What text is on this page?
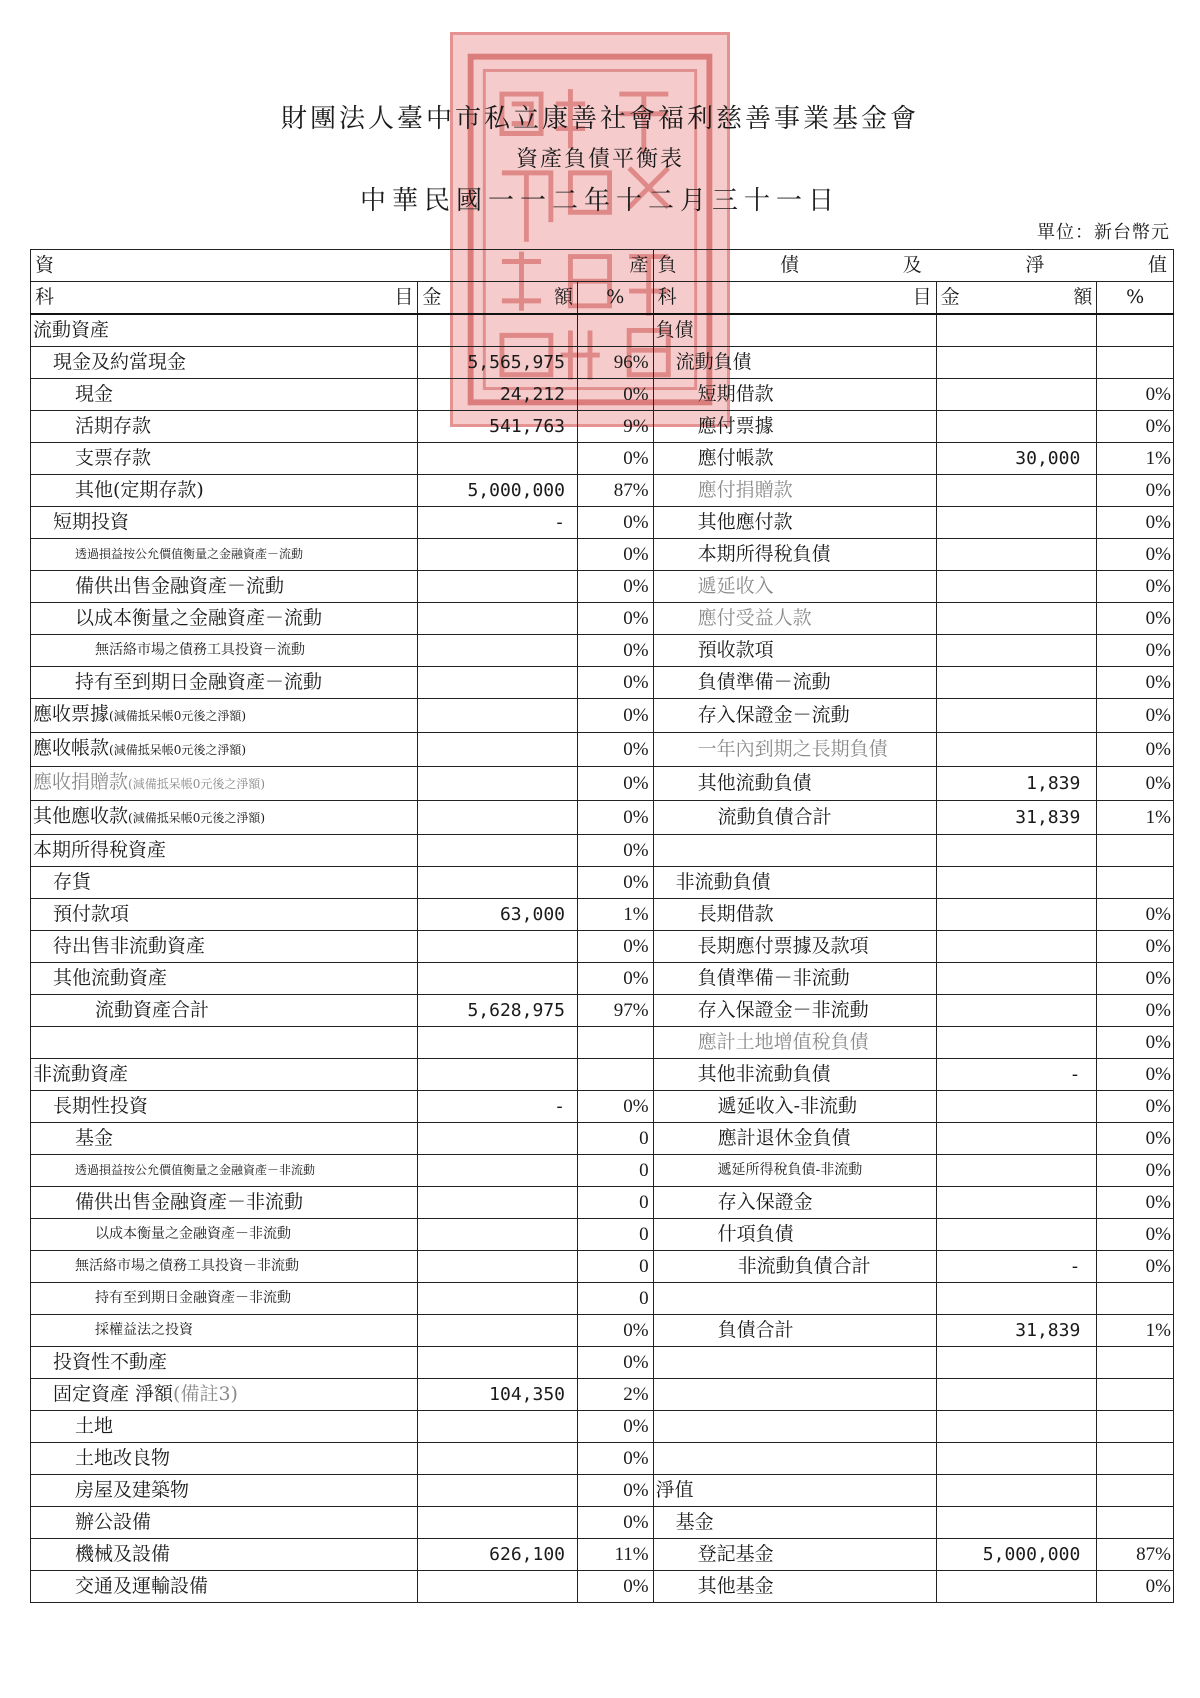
財團法人臺中市私立康善社會福利慈善事業基金會
資產負債平衡表
中華民國一一二年十二月三十一日
單位：新台幣元
資 產			負 債 及 淨 值		

科 目	金 額	%	科 目	金 額	%
流動資產			負債		
現金及約當現金	5,565,975	96%	流動負債		
現金	24,212	0%	短期借款		0%
活期存款	541,763	9%	應付票據		0%
支票存款		0%	應付帳款	30,000	1%
其他(定期存款)	5,000,000	87%	應付捐贈款		0%
短期投資	-	0%	其他應付款		0%
透過損益按公允價值衡量之金融資產－流動		0%	本期所得稅負債		0%
備供出售金融資產－流動		0%	遞延收入		0%
以成本衡量之金融資產－流動		0%	應付受益人款		0%
無活絡市場之債務工具投資－流動		0%	預收款項		0%
持有至到期日金融資產－流動		0%	負債準備－流動		0%
應收票據(減備抵呆帳0元後之淨額)		0%	存入保證金－流動		0%
應收帳款(減備抵呆帳0元後之淨額)		0%	一年內到期之長期負債		0%
應收捐贈款(減備抵呆帳0元後之淨額)		0%	其他流動負債	1,839	0%
其他應收款(減備抵呆帳0元後之淨額)		0%	流動負債合計	31,839	1%
本期所得稅資產		0%			
存貨		0%	非流動負債		
預付款項	63,000	1%	長期借款		0%
待出售非流動資產		0%	長期應付票據及款項		0%
其他流動資產		0%	負債準備－非流動		0%
流動資產合計	5,628,975	97%	存入保證金－非流動		0%
			應計土地增值稅負債		0%
非流動資產			其他非流動負債	-	0%
長期性投資	-	0%	遞延收入-非流動		0%
基金		0	應計退休金負債		0%
透過損益按公允價值衡量之金融資產－非流動		0	遞延所得稅負債-非流動		0%
備供出售金融資產－非流動		0	存入保證金		0%
以成本衡量之金融資產－非流動		0	什項負債		0%
無活絡市場之債務工具投資－非流動		0	非流動負債合計	-	0%
持有至到期日金融資產－非流動		0			
採權益法之投資		0%	負債合計	31,839	1%
投資性不動產		0%			
固定資產 淨額(備註3)	104,350	2%			
土地		0%			
土地改良物		0%			
房屋及建築物		0%	淨值		
辦公設備		0%	基金		
機械及設備	626,100	11%	登記基金	5,000,000	87%
交通及運輸設備		0%	其他基金		0%
